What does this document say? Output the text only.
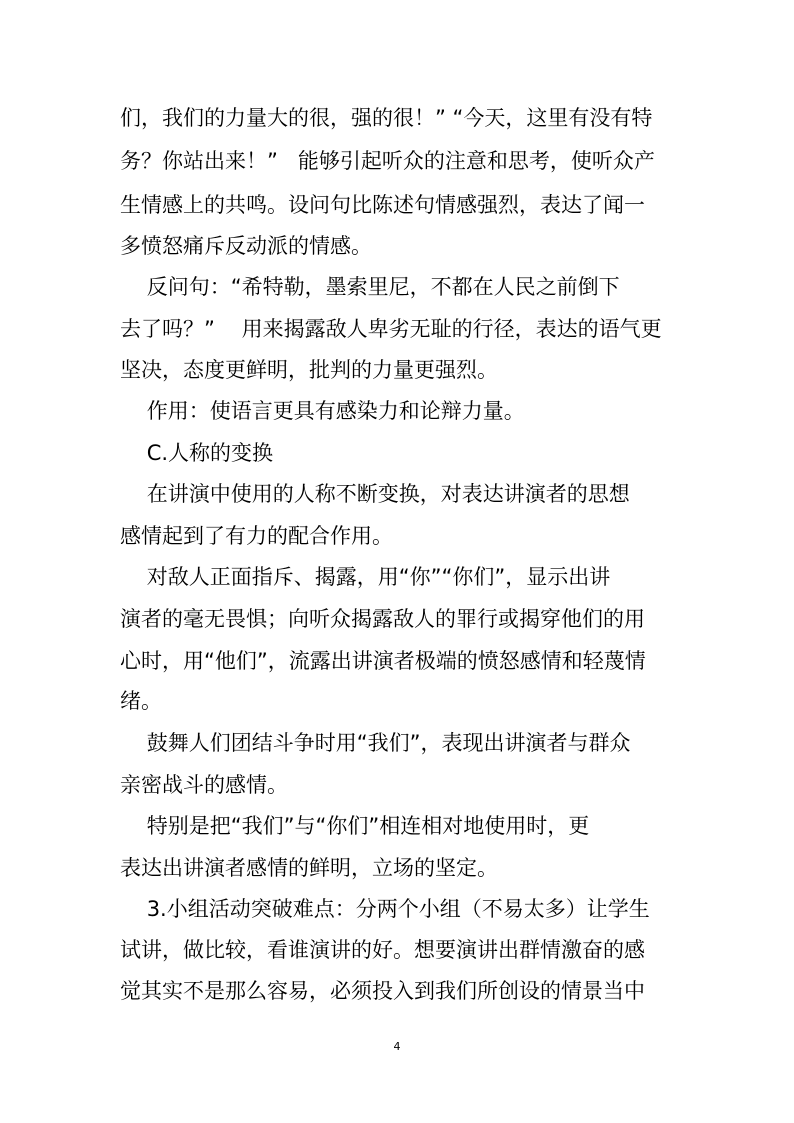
们，我们的力量大的很，强的很！” “今天，这里有没有特
务？你站出来！”   能够引起听众的注意和思考，使听众产
生情感上的共鸣。设问句比陈述句情感强烈，表达了闻一
多愤怒痛斥反动派的情感。
反问句：“希特勒，墨索里尼，不都在人民之前倒下
去了吗？”    用来揭露敌人卑劣无耻的行径，表达的语气更
坚决，态度更鲜明，批判的力量更强烈。
作用：使语言更具有感染力和论辩力量。
C.人称的变换
在讲演中使用的人称不断变换，对表达讲演者的思想
感情起到了有力的配合作用。
对敌人正面指斥、揭露，用“你”“你们”，显示出讲
演者的毫无畏惧；向听众揭露敌人的罪行或揭穿他们的用
心时，用“他们”，流露出讲演者极端的愤怒感情和轻蔑情
绪。
鼓舞人们团结斗争时用“我们”，表现出讲演者与群众
亲密战斗的感情。
特别是把“我们”与“你们”相连相对地使用时，更
表达出讲演者感情的鲜明，立场的坚定。
3.小组活动突破难点：分两个小组（不易太多）让学生
试讲，做比较，看谁演讲的好。想要演讲出群情激奋的感
觉其实不是那么容易，必须投入到我们所创设的情景当中
4
